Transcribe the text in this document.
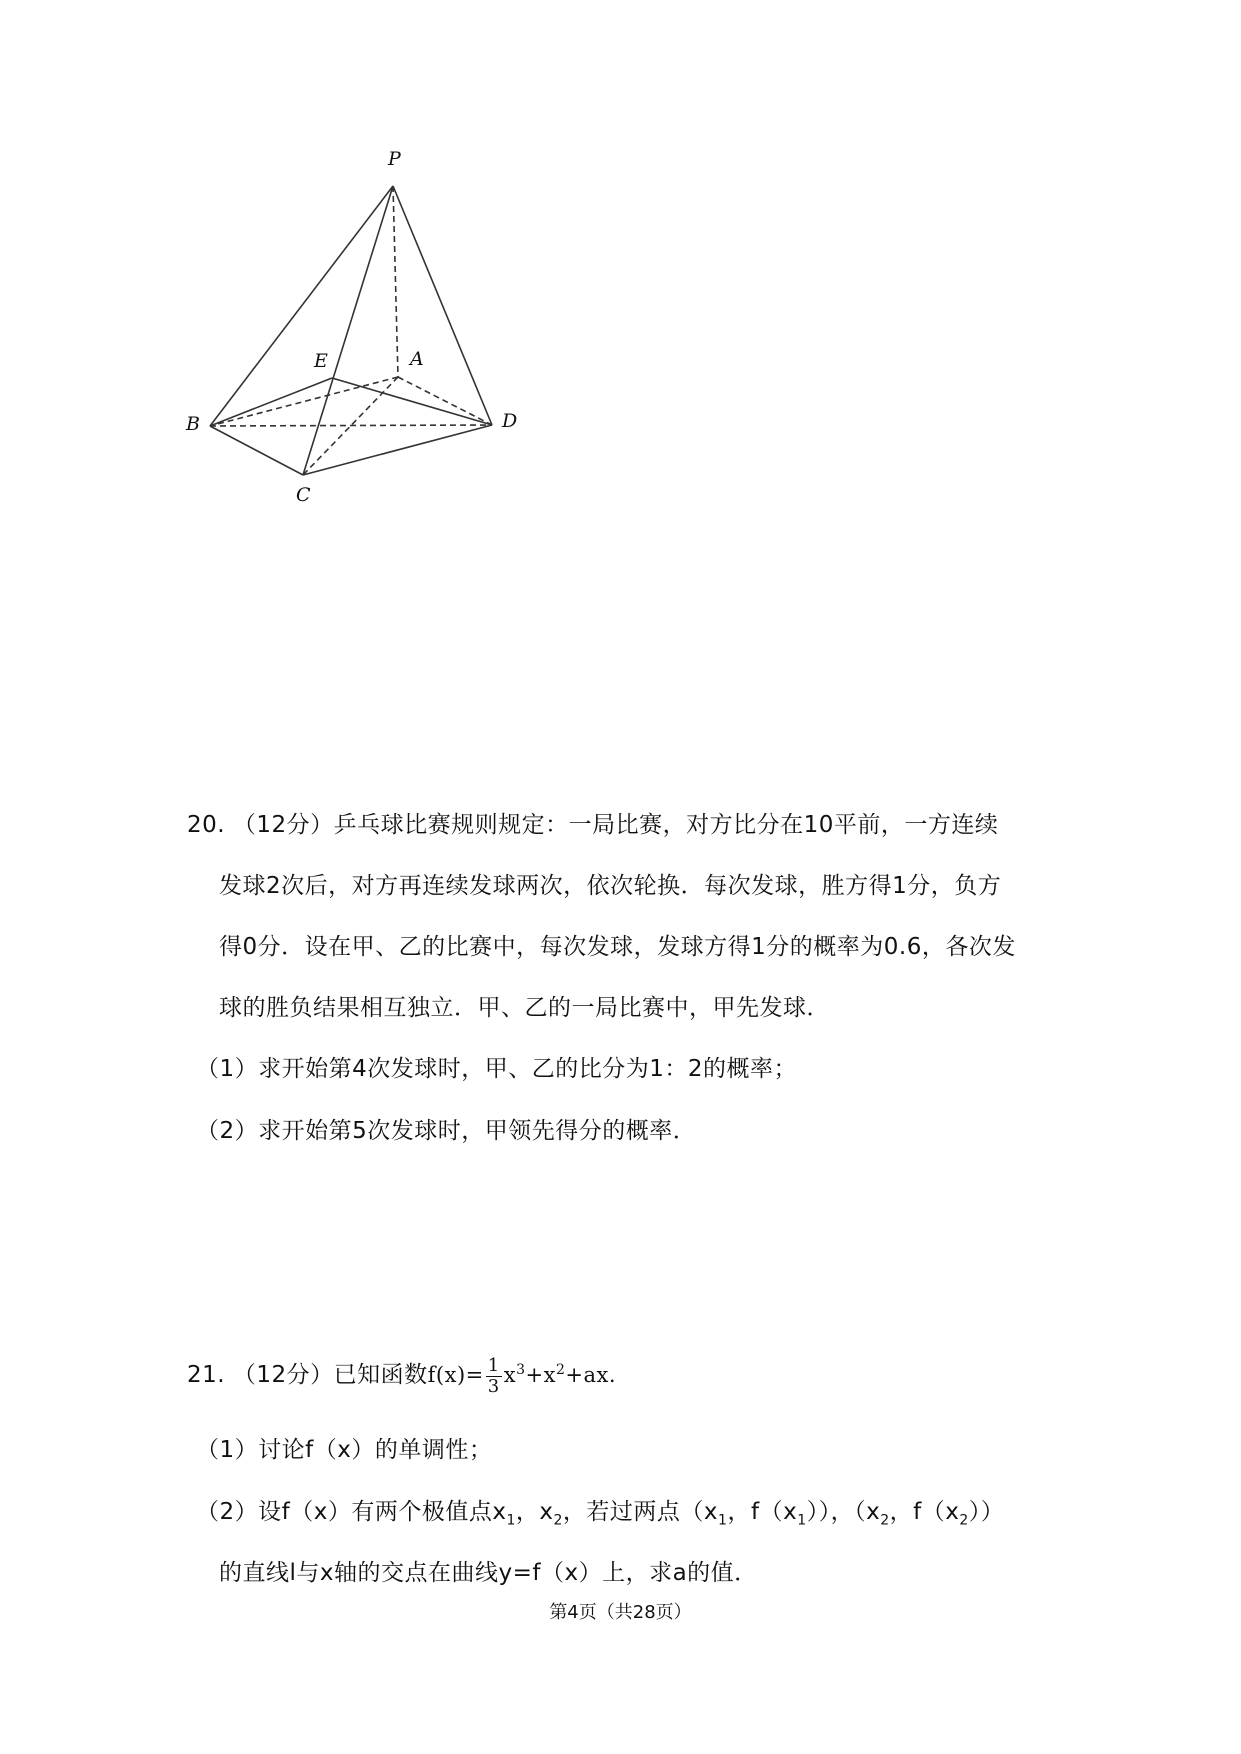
P
E	A
B	D
C
20. （12分）乒乓球比赛规则规定：一局比赛，对方比分在10平前，一方连续
发球2次后，对方再连续发球两次，依次轮换．每次发球，胜方得1分，负方
得0分．设在甲、乙的比赛中，每次发球，发球方得1分的概率为0.6，各次发
球的胜负结果相互独立．甲、乙的一局比赛中，甲先发球．
（1）求开始第4次发球时，甲、乙的比分为1：2的概率；
（2）求开始第5次发球时，甲领先得分的概率．
21. （12分）已知函数$f(x)= \frac{1}{3} x^3+x^2+ax$.
（1）讨论f（x）的单调性；
（2）设f（x）有两个极值点$x_1$，$x_2$，若过两点（$x_1$，$f(x_1)$），（$x_2$，$f(x_2)$）
的直线l与x轴的交点在曲线y=f（x）上，求a的值．
第4页（共28页）
